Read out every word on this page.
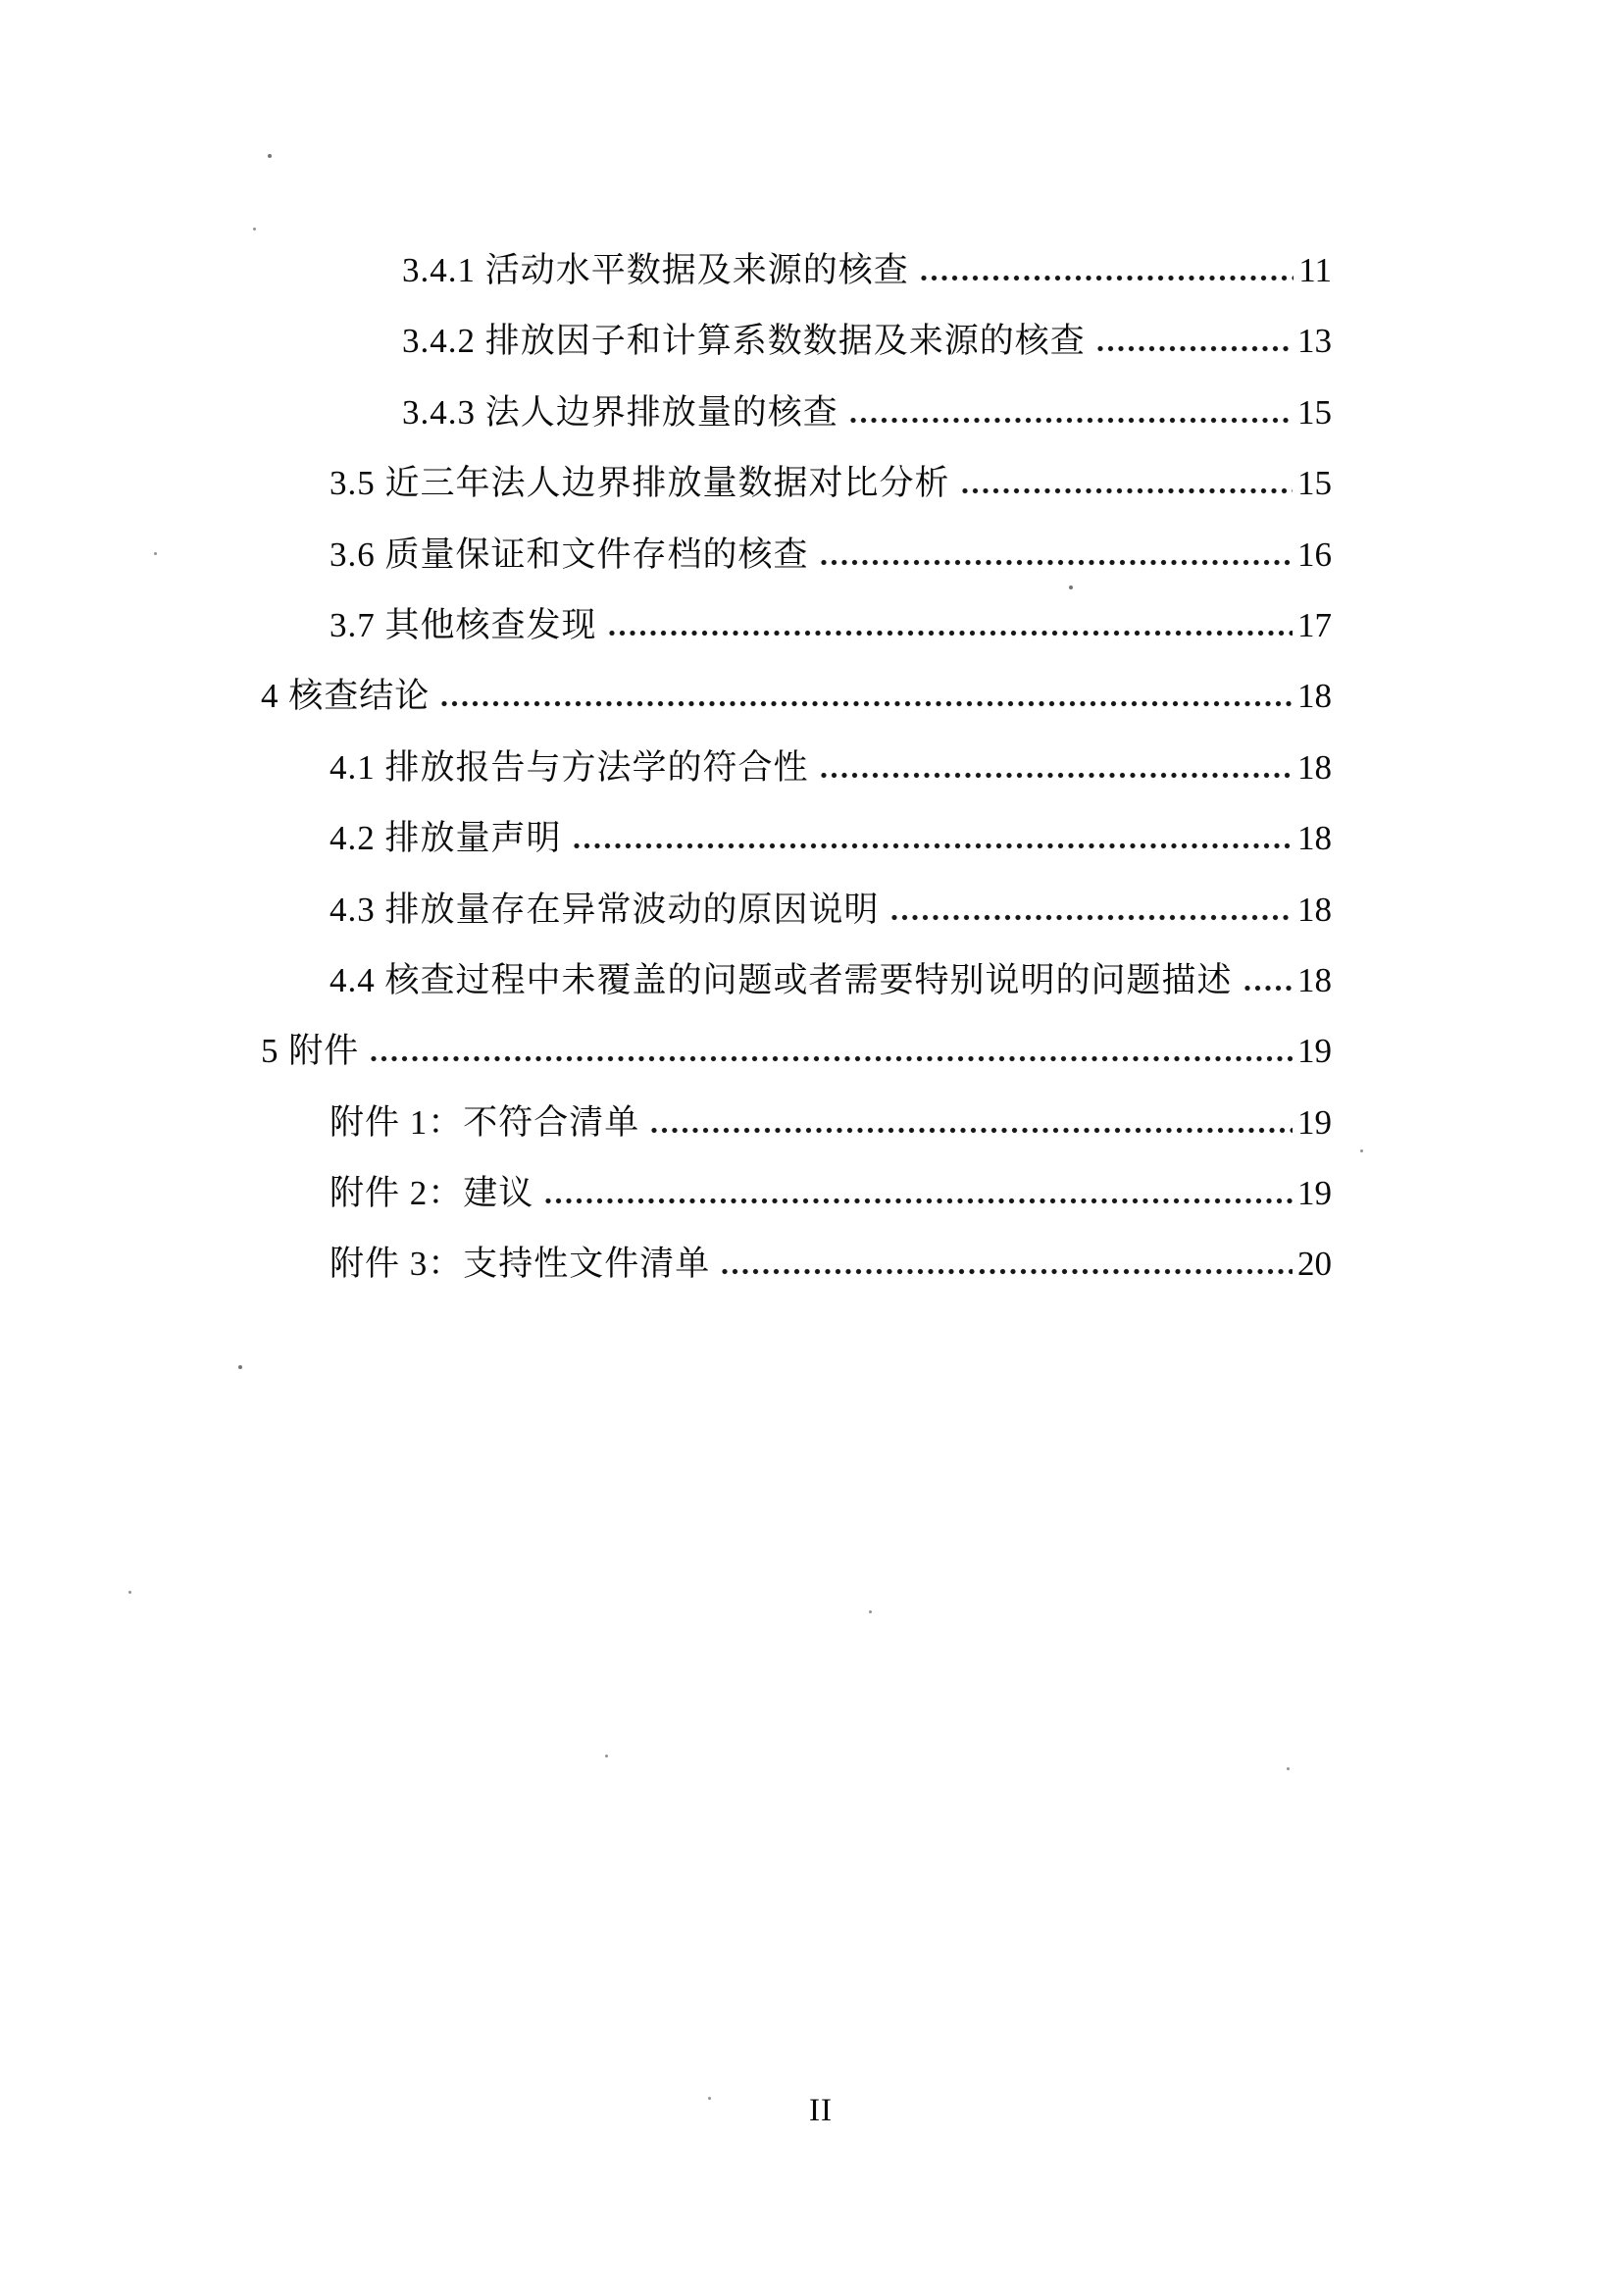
3.4.1 活动水平数据及来源的核查	11
3.4.2 排放因子和计算系数数据及来源的核查	13
3.4.3 法人边界排放量的核查	15
3.5 近三年法人边界排放量数据对比分析	15
3.6 质量保证和文件存档的核查	16
3.7 其他核查发现	17
4 核查结论	18
4.1 排放报告与方法学的符合性	18
4.2 排放量声明	18
4.3 排放量存在异常波动的原因说明	18
4.4 核查过程中未覆盖的问题或者需要特别说明的问题描述 18
5 附件	19
附件 1：不符合清单	19
附件 2：建议	19
附件 3：支持性文件清单	20
II
